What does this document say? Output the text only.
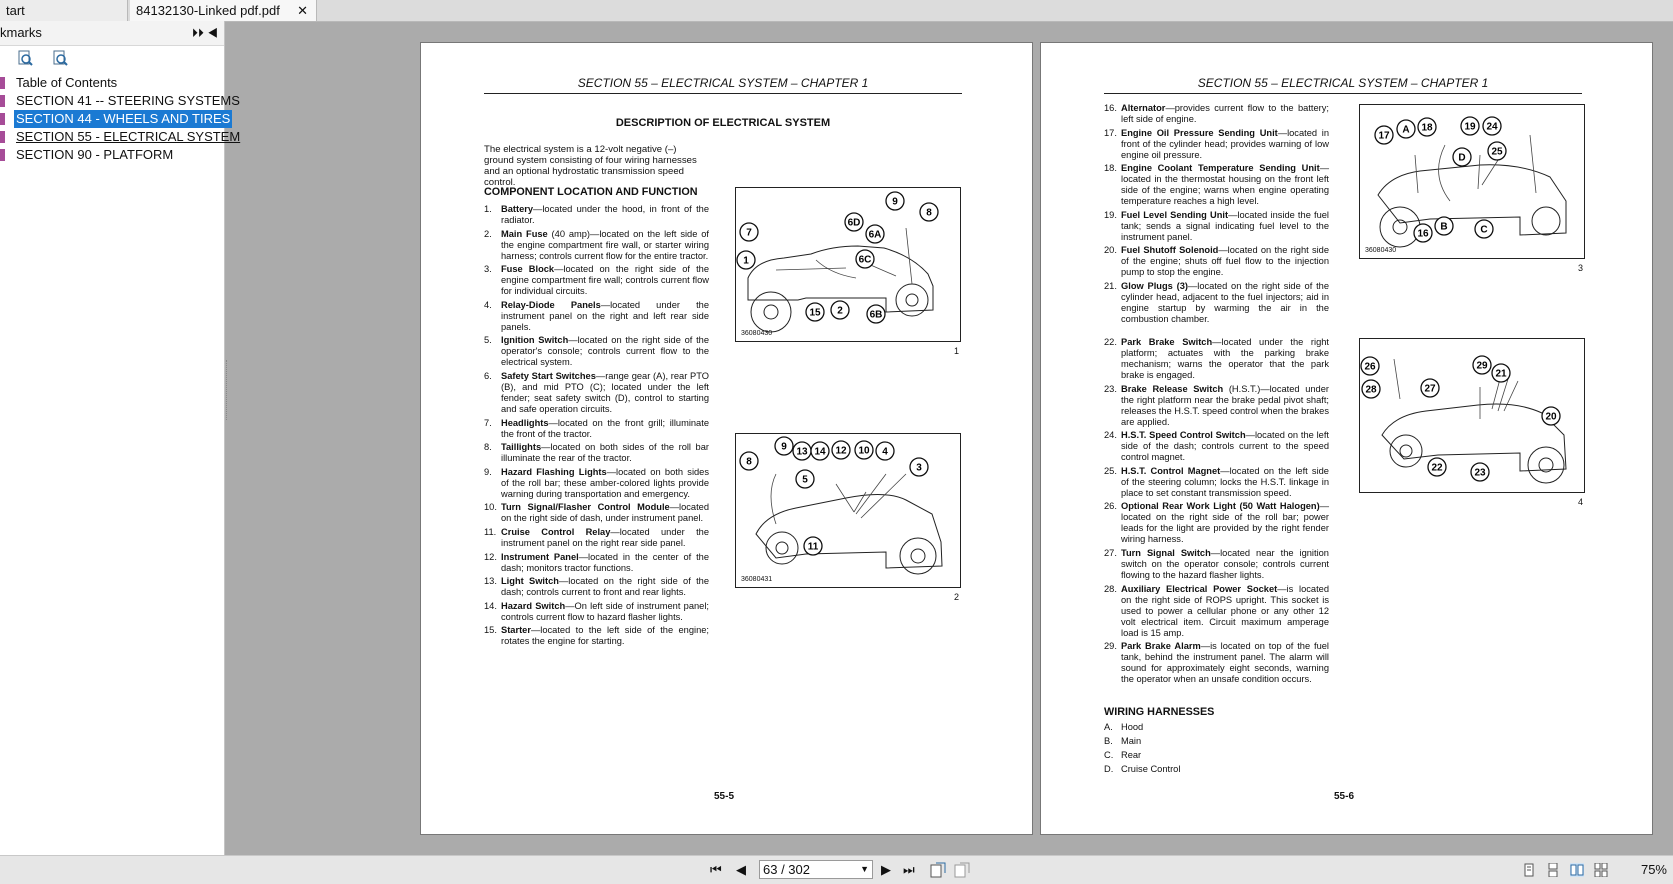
tart	84132130-Linked pdf.pdf ✕
kmarks	⏵⏵ ◀
Table of Contents
SECTION 41 -- STEERING SYSTEMS
SECTION 44 - WHEELS AND TIRES
SECTION 55 - ELECTRICAL SYSTEM
SECTION 90 - PLATFORM
SECTION 55 – ELECTRICAL SYSTEM – CHAPTER 1
DESCRIPTION OF ELECTRICAL SYSTEM
The electrical system is a 12-volt negative (–) ground system consisting of four wiring harnesses and an optional hydrostatic transmission speed control.
COMPONENT LOCATION AND FUNCTION
1. Battery—located under the hood, in front of the radiator.
2. Main Fuse (40 amp)—located on the left side of the engine compartment fire wall, or starter wiring harness; controls current flow for the entire tractor.
3. Fuse Block—located on the right side of the engine compartment fire wall; controls current flow for individual circuits.
4. Relay-Diode Panels—located under the instrument panel on the right and left rear side panels.
5. Ignition Switch—located on the right side of the operator's console; controls current flow to the electrical system.
6. Safety Start Switches—range gear (A), rear PTO (B), and mid PTO (C); located under the left fender; seat safety switch (D), control to starting and safe operation circuits.
7. Headlights—located on the front grill; illuminate the front of the tractor.
8. Taillights—located on both sides of the roll bar illuminate the rear of the tractor.
9. Hazard Flashing Lights—located on both sides of the roll bar; these amber-colored lights provide warning during transportation and emergency.
10. Turn Signal/Flasher Control Module—located on the right side of dash, under instrument panel.
11. Cruise Control Relay—located under the instrument panel on the right rear side panel.
12. Instrument Panel—located in the center of the dash; monitors tractor functions.
13. Light Switch—located on the right side of the dash; controls current to front and rear lights.
14. Hazard Switch—On left side of instrument panel; controls current flow to hazard flasher lights.
15. Starter—located to the left side of the engine; rotates the engine for starting.
1
2
6A
6B
6C
6D
7
8
9
15
36080430
1
3
4
5
8
9	10
11
12
13 14
36080431
2
55-5
SECTION 55 – ELECTRICAL SYSTEM – CHAPTER 1
16. Alternator—provides current flow to the battery; left side of engine.
17. Engine Oil Pressure Sending Unit—located in front of the cylinder head; provides warning of low engine oil pressure.
18. Engine Coolant Temperature Sending Unit—located in the thermostat housing on the front left side of the engine; warns when engine operating temperature reaches a high level.
19. Fuel Level Sending Unit—located inside the fuel tank; sends a signal indicating fuel level to the instrument panel.
20. Fuel Shutoff Solenoid—located on the right side of the engine; shuts off fuel flow to the injection pump to stop the engine.
21. Glow Plugs (3)—located on the right side of the cylinder head, adjacent to the fuel injectors; aid in engine startup by warming the air in the combustion chamber.
22. Park Brake Switch—located under the right platform; actuates with the parking brake mechanism; warns the operator that the park brake is engaged.
23. Brake Release Switch (H.S.T.)—located under the right platform near the brake pedal pivot shaft; releases the H.S.T. speed control when the brakes are applied.
24. H.S.T. Speed Control Switch—located on the left side of the dash; controls current to the speed control magnet.
25. H.S.T. Control Magnet—located on the left side of the steering column; locks the H.S.T. linkage in place to set constant transmission speed.
26. Optional Rear Work Light (50 Watt Halogen)—located on the right side of the roll bar; power leads for the light are provided by the right fender wiring harness.
27. Turn Signal Switch—located near the ignition switch on the operator console; controls current flowing to the hazard flasher lights.
28. Auxiliary Electrical Power Socket—is located on the right side of ROPS upright. This socket is used to power a cellular phone or any other 12 volt electrical item. Circuit maximum amperage load is 15 amp.
29. Park Brake Alarm—is located on top of the fuel tank, behind the instrument panel. The alarm will sound for approximately eight seconds, warning the operator when an unsafe condition occurs.
WIRING HARNESSES
A. Hood
B. Main
C. Rear
D. Cruise Control
16
17
18	19 24
25
A
B	C
D
36080430
3
20
21
22	23
26
27
28
29
4
55-6
⏮ ◀	63 / 302	▼ ▶ ⏭	75%
